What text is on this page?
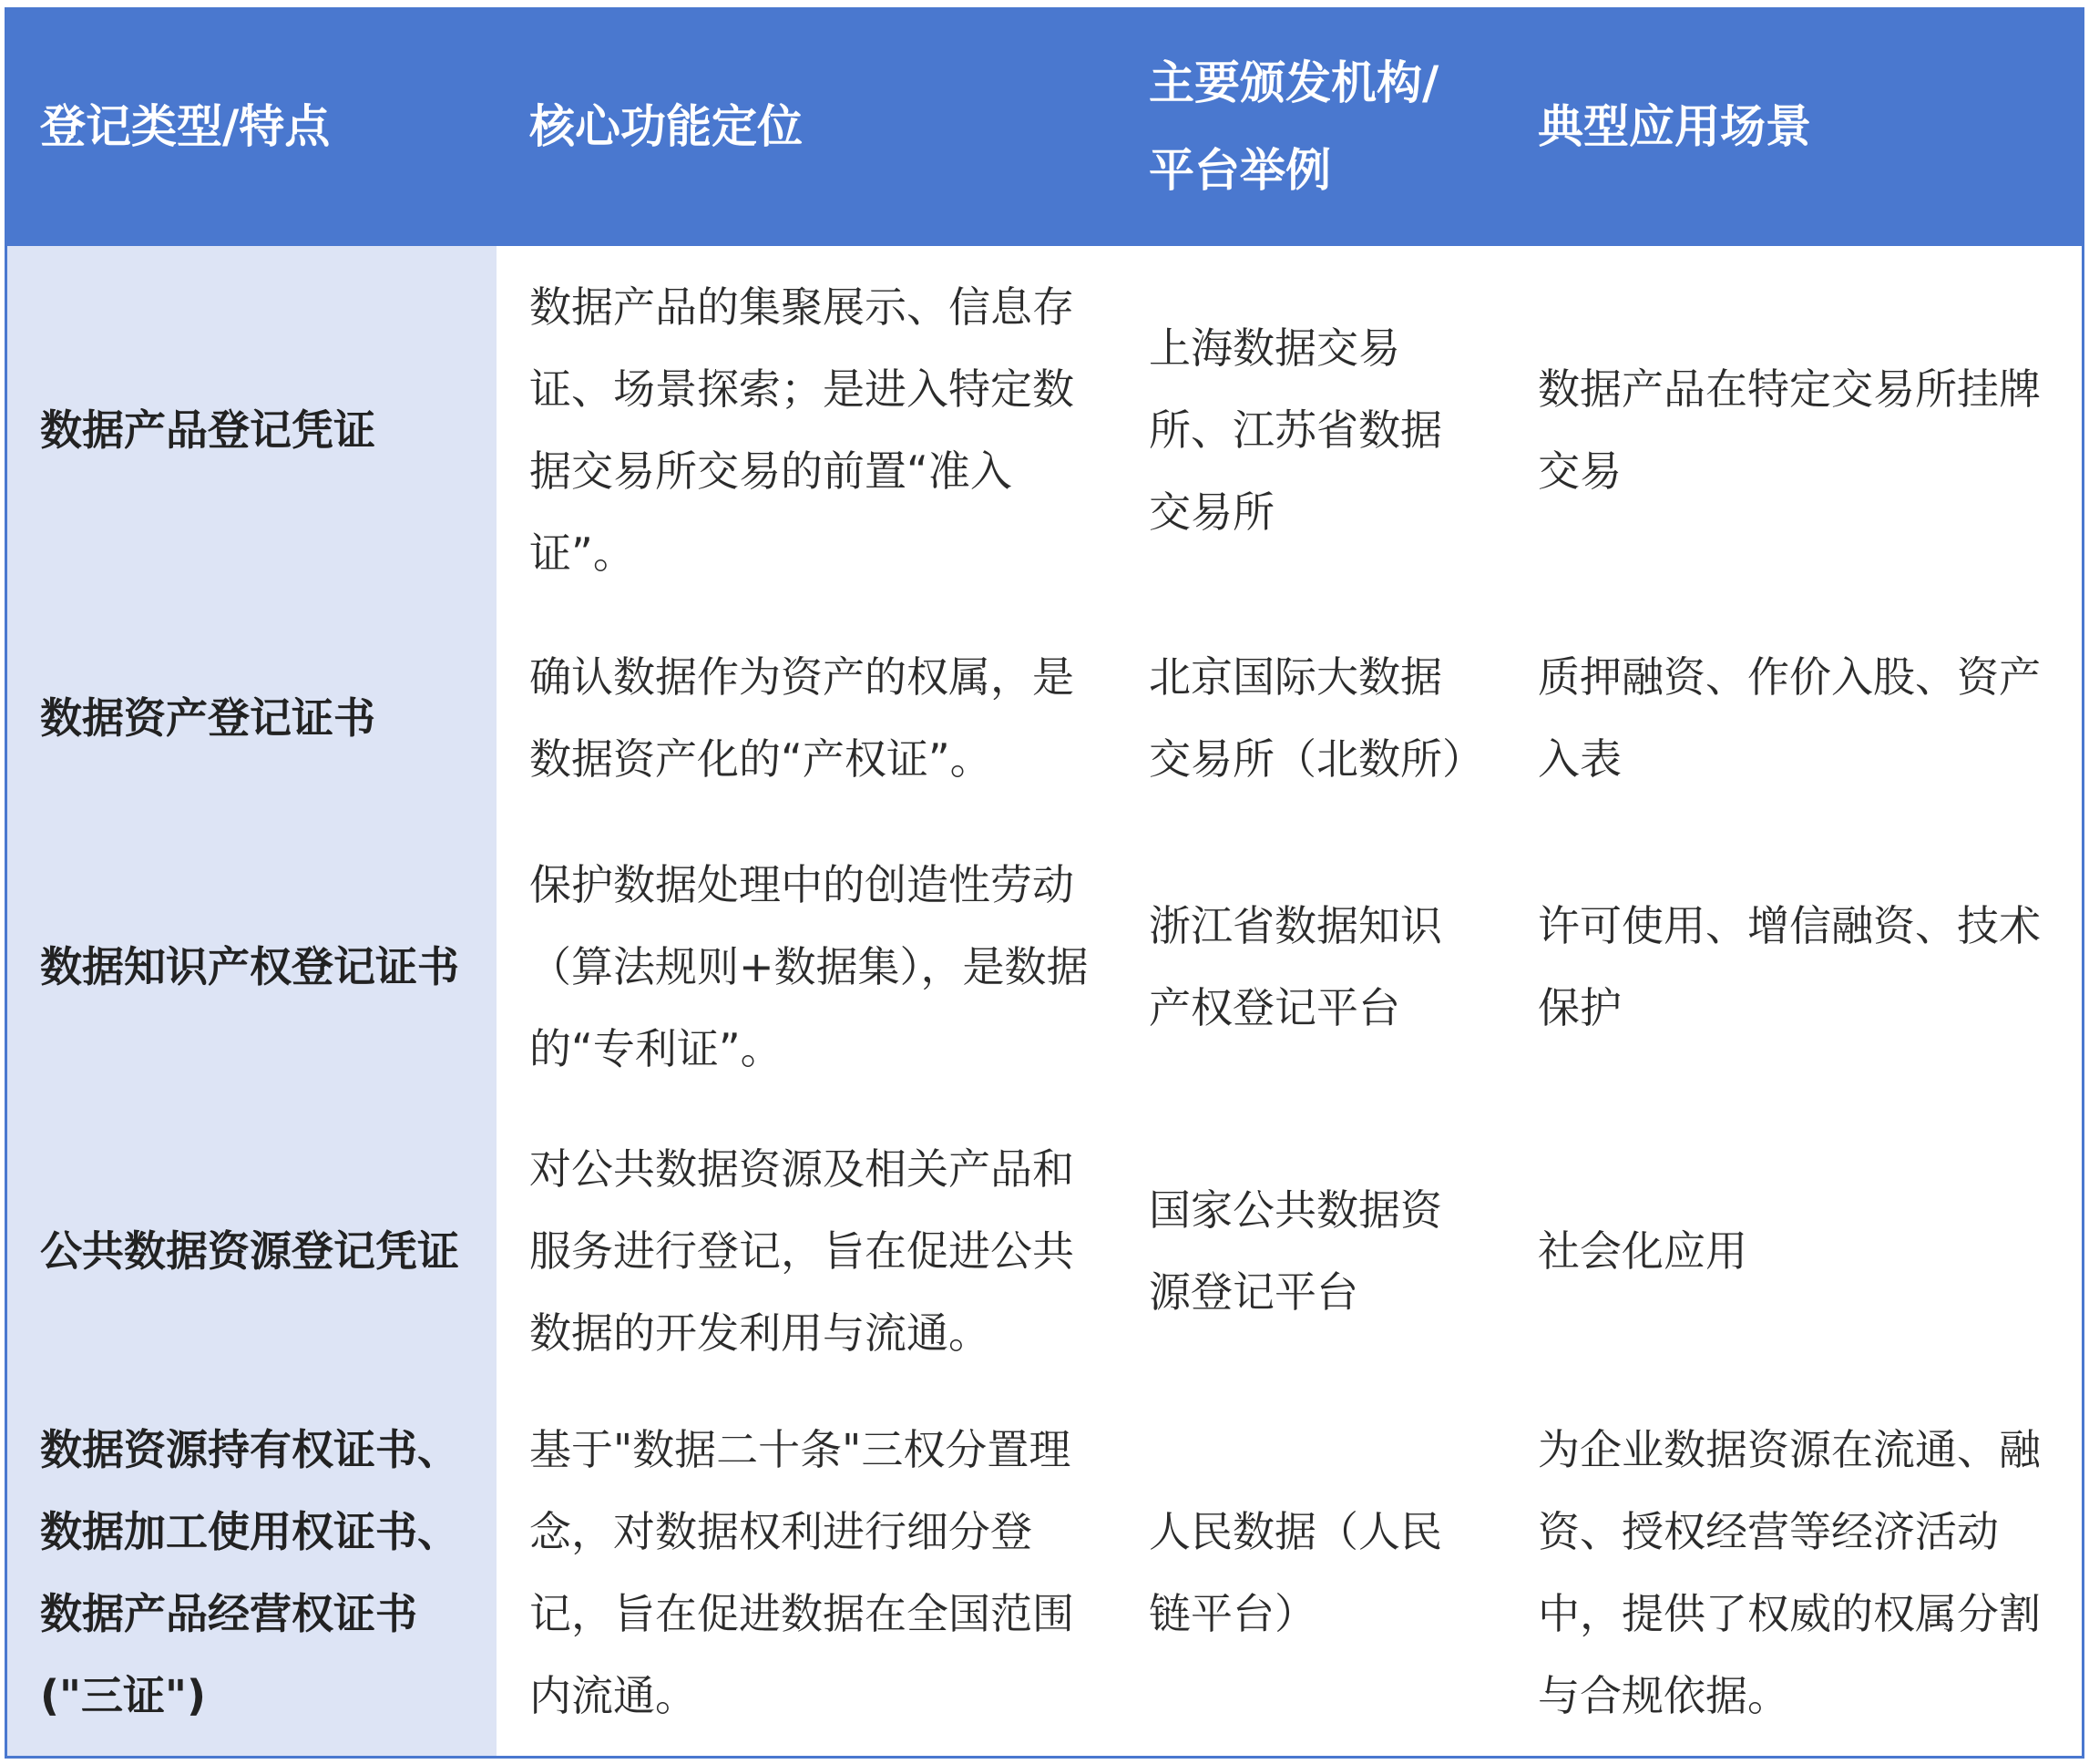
登记类型/特点	核心功能定位	主要颁发机构/平台举例	典型应用场景
数据产品登记凭证	数据产品的集聚展示、信息存证、场景探索；是进入特定数据交易所交易的前置“准入证”。	上海数据交易所、江苏省数据交易所	数据产品在特定交易所挂牌交易
数据资产登记证书	确认数据作为资产的权属，是数据资产化的“产权证”。	北京国际大数据交易所（北数所）	质押融资、作价入股、资产入表
数据知识产权登记证书	保护数据处理中的创造性劳动（算法规则+数据集），是数据的“专利证”。	浙江省数据知识产权登记平台	许可使用、增信融资、技术保护
公共数据资源登记凭证	对公共数据资源及相关产品和服务进行登记，旨在促进公共数据的开发利用与流通。	国家公共数据资源登记平台	社会化应用
数据资源持有权证书、数据加工使用权证书、数据产品经营权证书("三证")	基于"数据二十条"三权分置理念，对数据权利进行细分登记，旨在促进数据在全国范围内流通。	人民数据（人民链平台）	为企业数据资源在流通、融资、授权经营等经济活动中，提供了权威的权属分割与合规依据。
